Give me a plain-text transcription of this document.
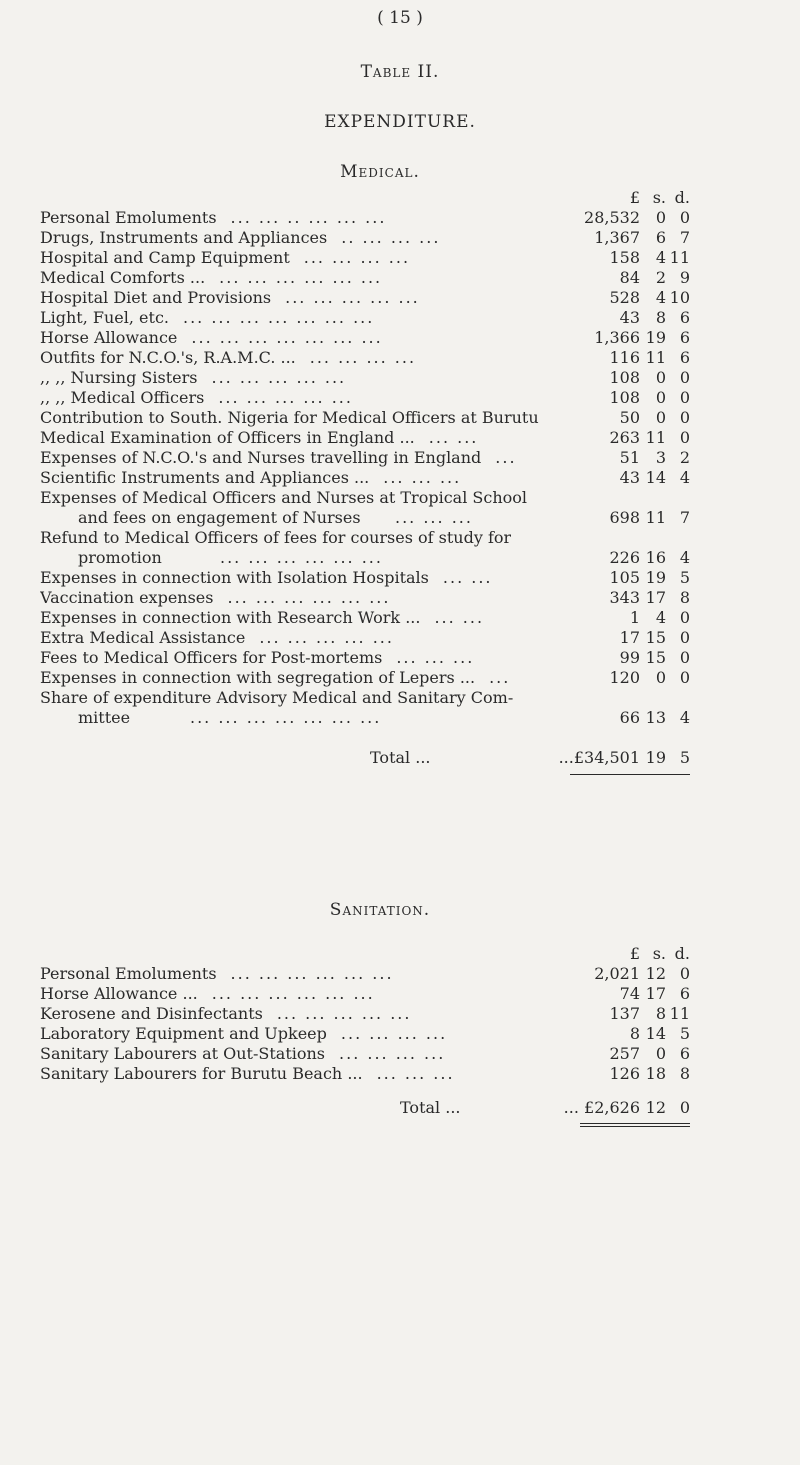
( 15 )
Table II.
EXPENDITURE.
Medical.
£ s. d.
Personal Emoluments ... ... .. ... ... ...	28,532 0 0
Drugs, Instruments and Appliances .. ... ... ...	1,367 6 7
Hospital and Camp Equipment ... ... ... ...	158 4 11
Medical Comforts ... ... ... ... ... ... ...	84 2 9
Hospital Diet and Provisions ... ... ... ... ...	528 4 10
Light, Fuel, etc. ... ... ... ... ... ... ...	43 8 6
Horse Allowance ... ... ... ... ... ... ...	1,366 19 6
Outfits for N.C.O.'s, R.A.M.C. ... ... ... ... ...	116 11 6
,, ,, Nursing Sisters ... ... ... ... ...	108 0 0
,, ,, Medical Officers ... ... ... ... ...	108 0 0
Contribution to South. Nigeria for Medical Officers at Burutu	50 0 0
Medical Examination of Officers in England ... ... ...	263 11 0
Expenses of N.C.O.'s and Nurses travelling in England ...	51 3 2
Scientific Instruments and Appliances ... ... ... ...	43 14 4
Expenses of Medical Officers and Nurses at Tropical School
and fees on engagement of Nurses ... ... ...	698 11 7
Refund to Medical Officers of fees for courses of study for
promotion	... ... ... ... ... ...	226 16 4
Expenses in connection with Isolation Hospitals ... ...	105 19 5
Vaccination expenses ... ... ... ... ... ...	343 17 8
Expenses in connection with Research Work ... ... ...	1 4 0
Extra Medical Assistance ... ... ... ... ...	17 15 0
Fees to Medical Officers for Post-mortems ... ... ...	99 15 0
Expenses in connection with segregation of Lepers ... ...	120 0 0
Share of expenditure Advisory Medical and Sanitary Com-
mittee	... ... ... ... ... ... ...	66 13 4
Total ...	...£34,501 19 5
Sanitation.
£ s. d.
Personal Emoluments ... ... ... ... ... ...	2,021 12 0
Horse Allowance ... ... ... ... ... ... ...	74 17 6
Kerosene and Disinfectants ... ... ... ... ...	137 8 11
Laboratory Equipment and Upkeep ... ... ... ...	8 14 5
Sanitary Labourers at Out-Stations ... ... ... ...	257 0 6
Sanitary Labourers for Burutu Beach ... ... ... ...	126 18 8
Total ...	... £2,626 12 0
